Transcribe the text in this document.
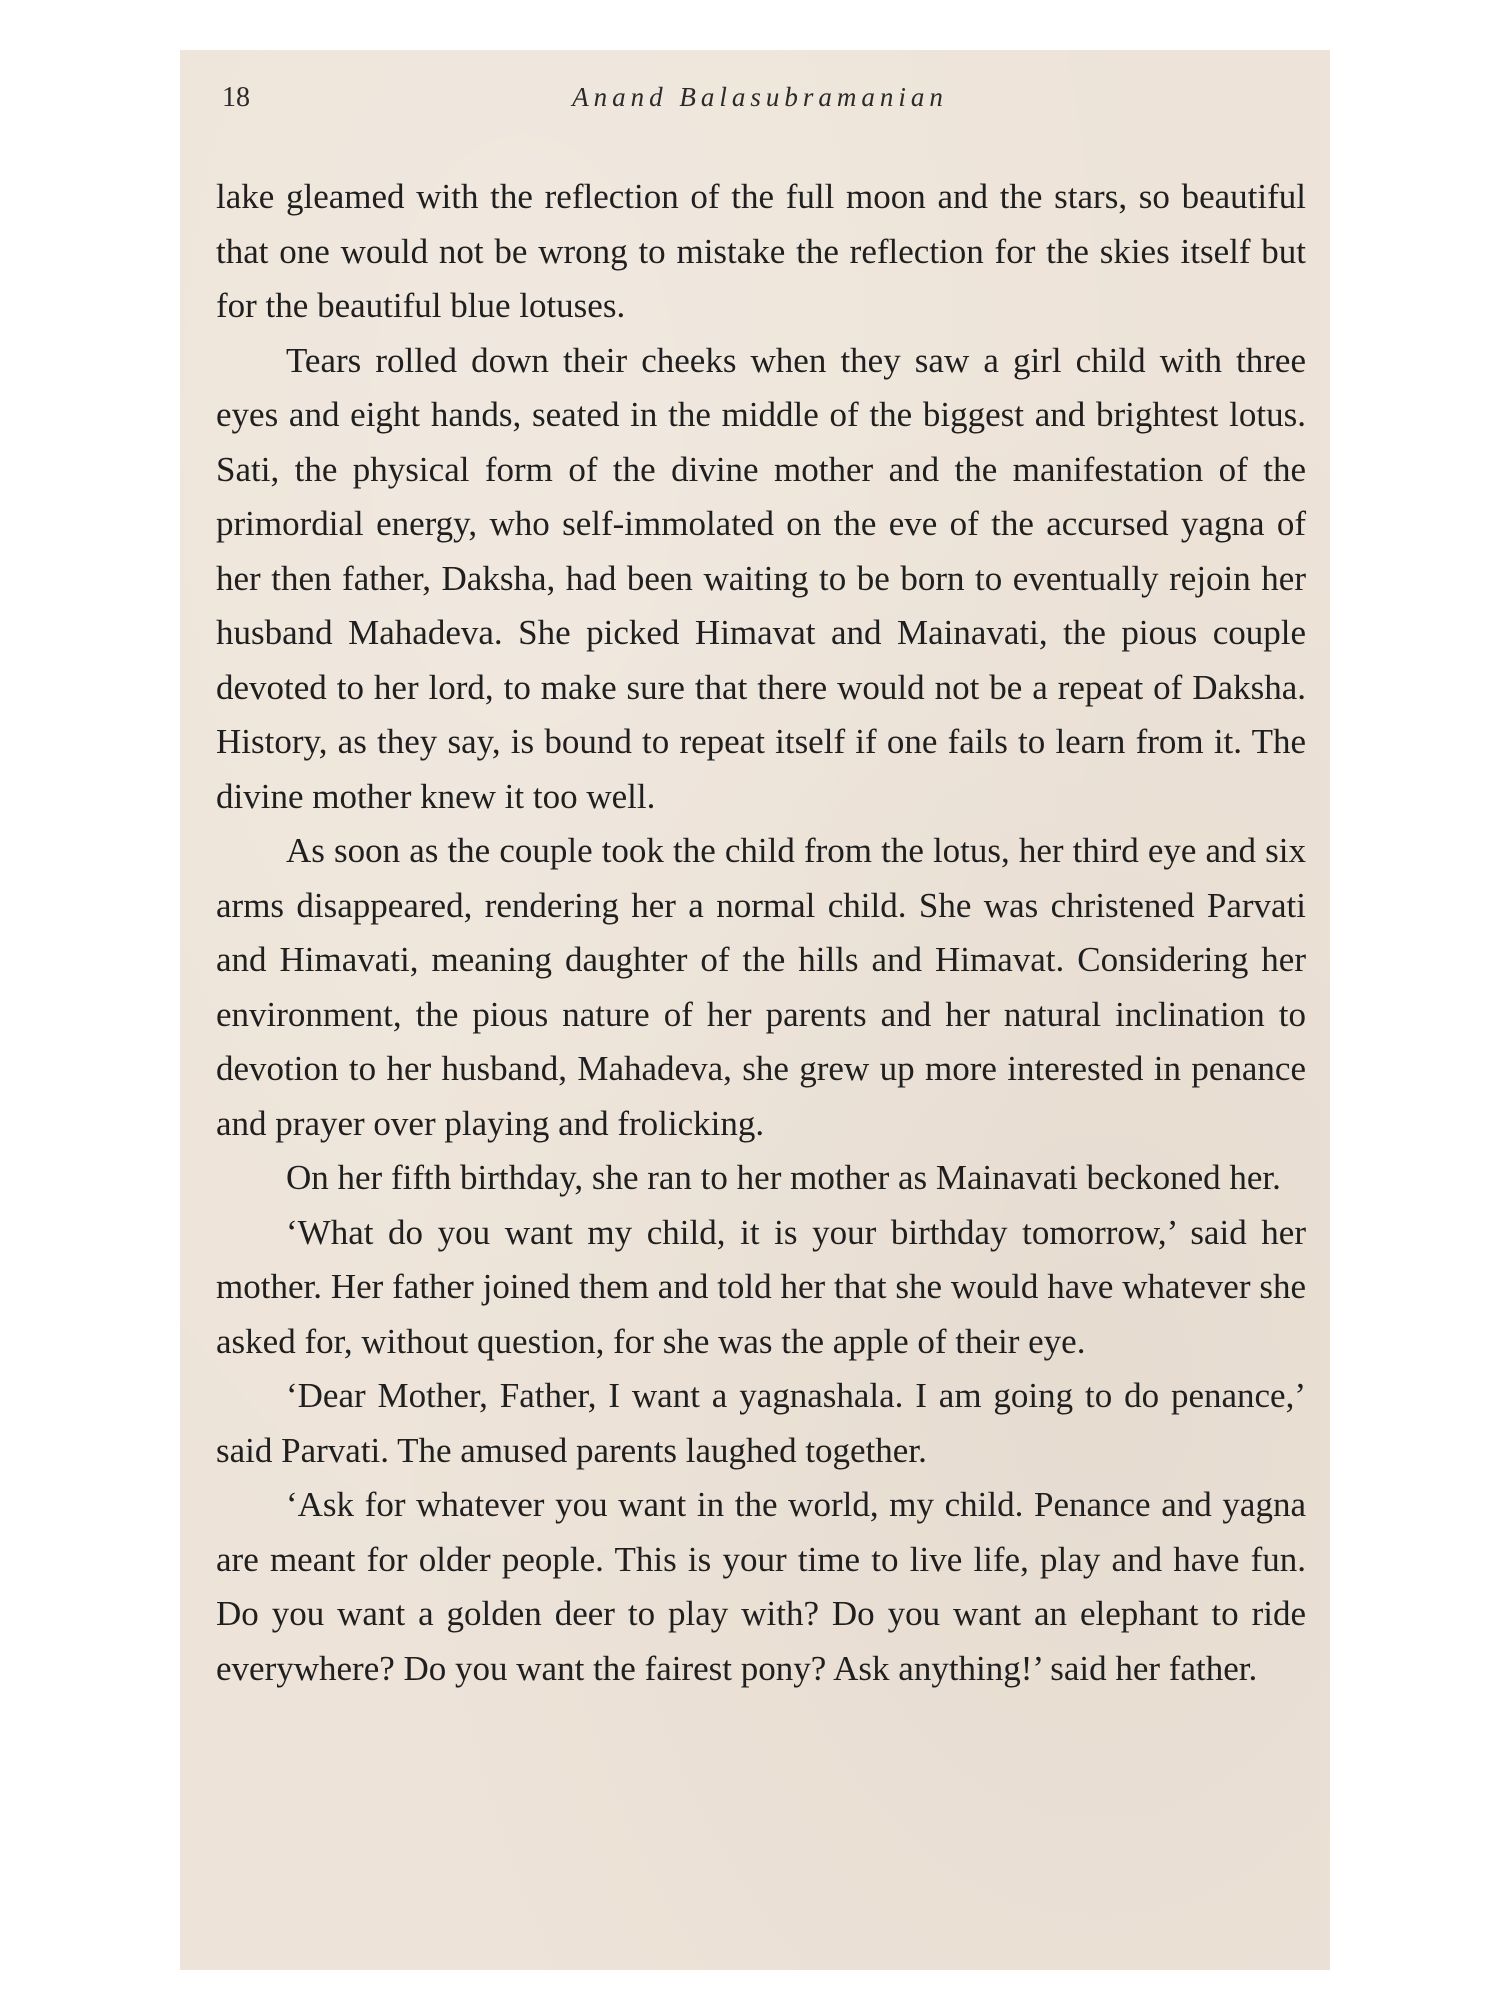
18	Anand Balasubramanian

lake gleamed with the reflection of the full moon and the stars, so beautiful that one would not be wrong to mistake the reflection for the skies itself but for the beautiful blue lotuses.

Tears rolled down their cheeks when they saw a girl child with three eyes and eight hands, seated in the middle of the biggest and brightest lotus. Sati, the physical form of the divine mother and the manifestation of the primordial energy, who self-immolated on the eve of the accursed yagna of her then father, Daksha, had been waiting to be born to eventually rejoin her husband Mahadeva. She picked Himavat and Mainavati, the pious couple devoted to her lord, to make sure that there would not be a repeat of Daksha. History, as they say, is bound to repeat itself if one fails to learn from it. The divine mother knew it too well.

As soon as the couple took the child from the lotus, her third eye and six arms disappeared, rendering her a normal child. She was christened Parvati and Himavati, meaning daughter of the hills and Himavat. Considering her environment, the pious nature of her parents and her natural inclination to devotion to her husband, Mahadeva, she grew up more interested in penance and prayer over playing and frolicking.

On her fifth birthday, she ran to her mother as Mainavati beckoned her.

‘What do you want my child, it is your birthday tomorrow,’ said her mother. Her father joined them and told her that she would have whatever she asked for, without question, for she was the apple of their eye.

‘Dear Mother, Father, I want a yagnashala. I am going to do penance,’ said Parvati. The amused parents laughed together.

‘Ask for whatever you want in the world, my child. Penance and yagna are meant for older people. This is your time to live life, play and have fun. Do you want a golden deer to play with? Do you want an elephant to ride everywhere? Do you want the fairest pony? Ask anything!’ said her father.
